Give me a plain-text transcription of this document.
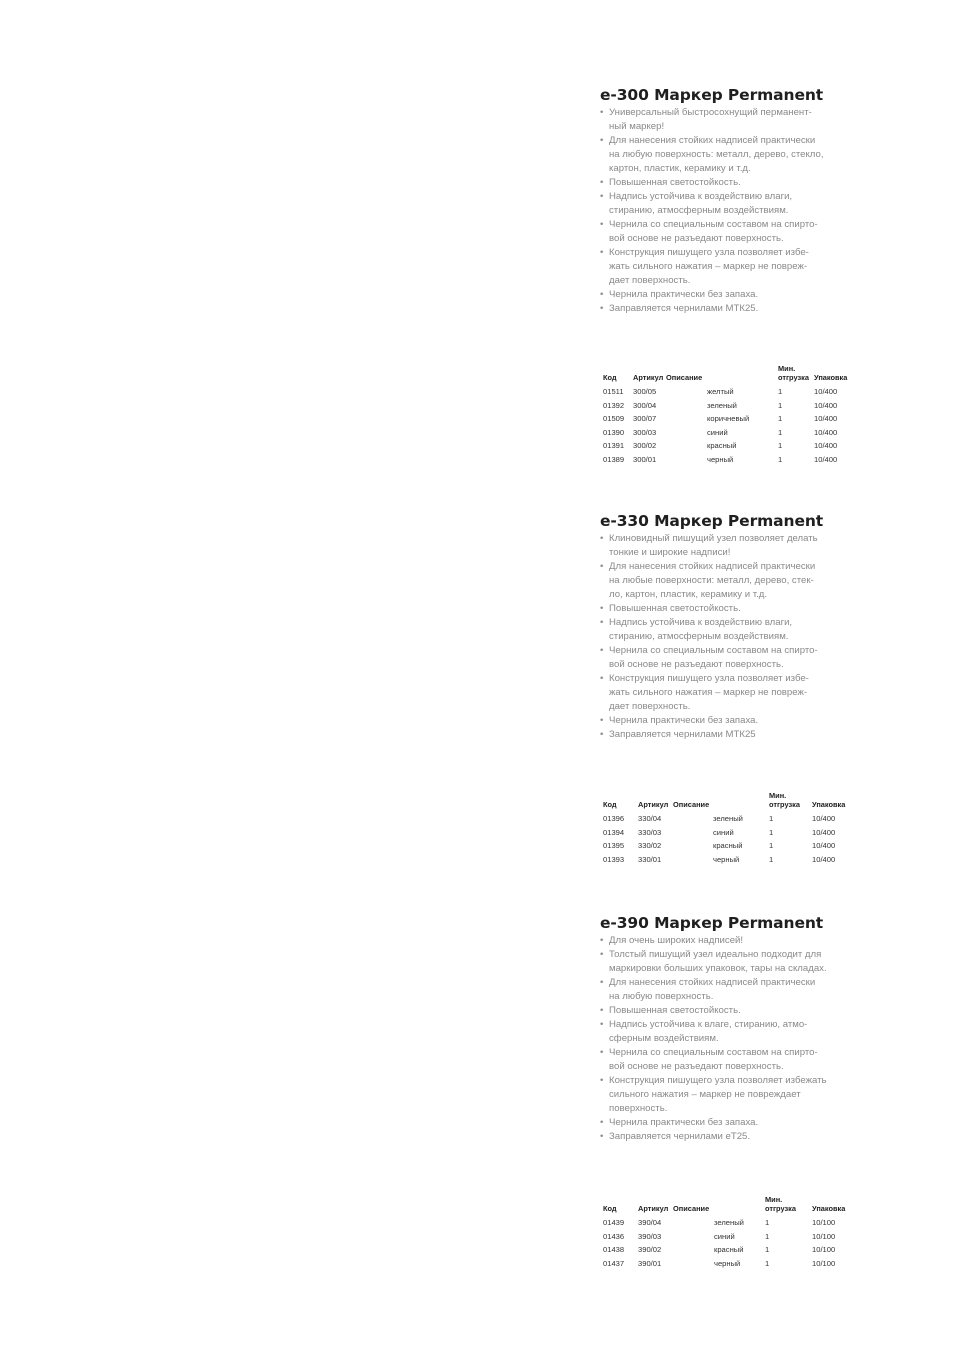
e-300 Маркер Permanent
• Универсальный быстросохнущий перманент-
ный маркер!
• Для нанесения стойких надписей практически
на любую поверхность: металл, дерево, стекло,
картон, пластик, керамику и т.д.
• Повышенная светостойкость.
• Надпись устойчива к воздействию влаги,
стиранию, атмосферным воздействиям.
• Чернила со специальным составом на спирто-
вой основе не разъедают поверхность.
• Конструкция пишущего узла позволяет избе-
жать сильного нажатия – маркер не повреж-
дает поверхность.
• Чернила практически без запаха.
• Заправляется чернилами МТК25.
Код	Артикул	Описание		Мин.
отгрузка	Упаковка
01511	300/05		желтый	1	10/400
01392	300/04		зеленый	1	10/400
01509	300/07		коричневый	1	10/400
01390	300/03		синий	1	10/400
01391	300/02		красный	1	10/400
01389	300/01		черный	1	10/400
e-330 Маркер Permanent
• Клиновидный пишущий узел позволяет делать
тонкие и широкие надписи!
• Для нанесения стойких надписей практически
на любые поверхности: металл, дерево, стек-
ло, картон, пластик, керамику и т.д.
• Повышенная светостойкость.
• Надпись устойчива к воздействию влаги,
стиранию, атмосферным воздействиям.
• Чернила со специальным составом на спирто-
вой основе не разъедают поверхность.
• Конструкция пишущего узла позволяет избе-
жать сильного нажатия – маркер не повреж-
дает поверхность.
• Чернила практически без запаха.
• Заправляется чернилами МТК25
Код	Артикул	Описание		Мин.
отгрузка	Упаковка
01396	330/04		зеленый	1	10/400
01394	330/03		синий	1	10/400
01395	330/02		красный	1	10/400
01393	330/01		черный	1	10/400
e-390 Маркер Permanent
• Для очень широких надписей!
• Толстый пишущий узел идеально подходит для
маркировки больших упаковок, тары на складах.
• Для нанесения стойких надписей практически
на любую поверхность.
• Повышенная светостойкость.
• Надпись устойчива к влаге, стиранию, атмо-
сферным воздействиям.
• Чернила со специальным составом на спирто-
вой основе не разъедают поверхность.
• Конструкция пишущего узла позволяет избежать
сильного нажатия – маркер не повреждает
поверхность.
• Чернила практически без запаха.
• Заправляется чернилами eT25.
Код	Артикул	Описание		Мин.
отгрузка	Упаковка
01439	390/04		зеленый	1	10/100
01436	390/03		синий	1	10/100
01438	390/02		красный	1	10/100
01437	390/01		черный	1	10/100
